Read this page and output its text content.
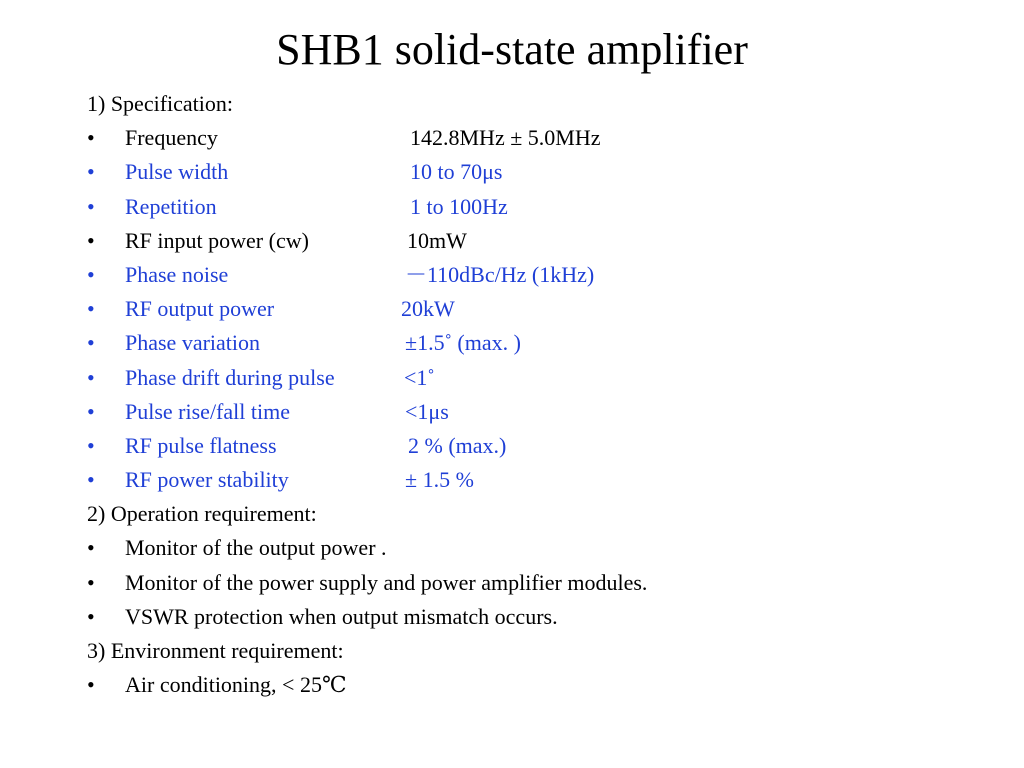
SHB1 solid-state amplifier
1) Specification:
• Frequency	142.8MHz ± 5.0MHz
• Pulse width	10 to 70μs
• Repetition	1 to 100Hz
• RF input power (cw)	10mW
• Phase noise	－110dBc/Hz (1kHz)
• RF output power	20kW
• Phase variation	±1.5˚ (max. )
• Phase drift during pulse	<1˚
• Pulse rise/fall time	<1μs
• RF pulse flatness	2 % (max.)
• RF power stability	± 1.5 %
2) Operation requirement:
• Monitor of the output power .
• Monitor of the power supply and power amplifier modules.
• VSWR protection when output mismatch occurs.
3) Environment requirement:
• Air conditioning, < 25℃
